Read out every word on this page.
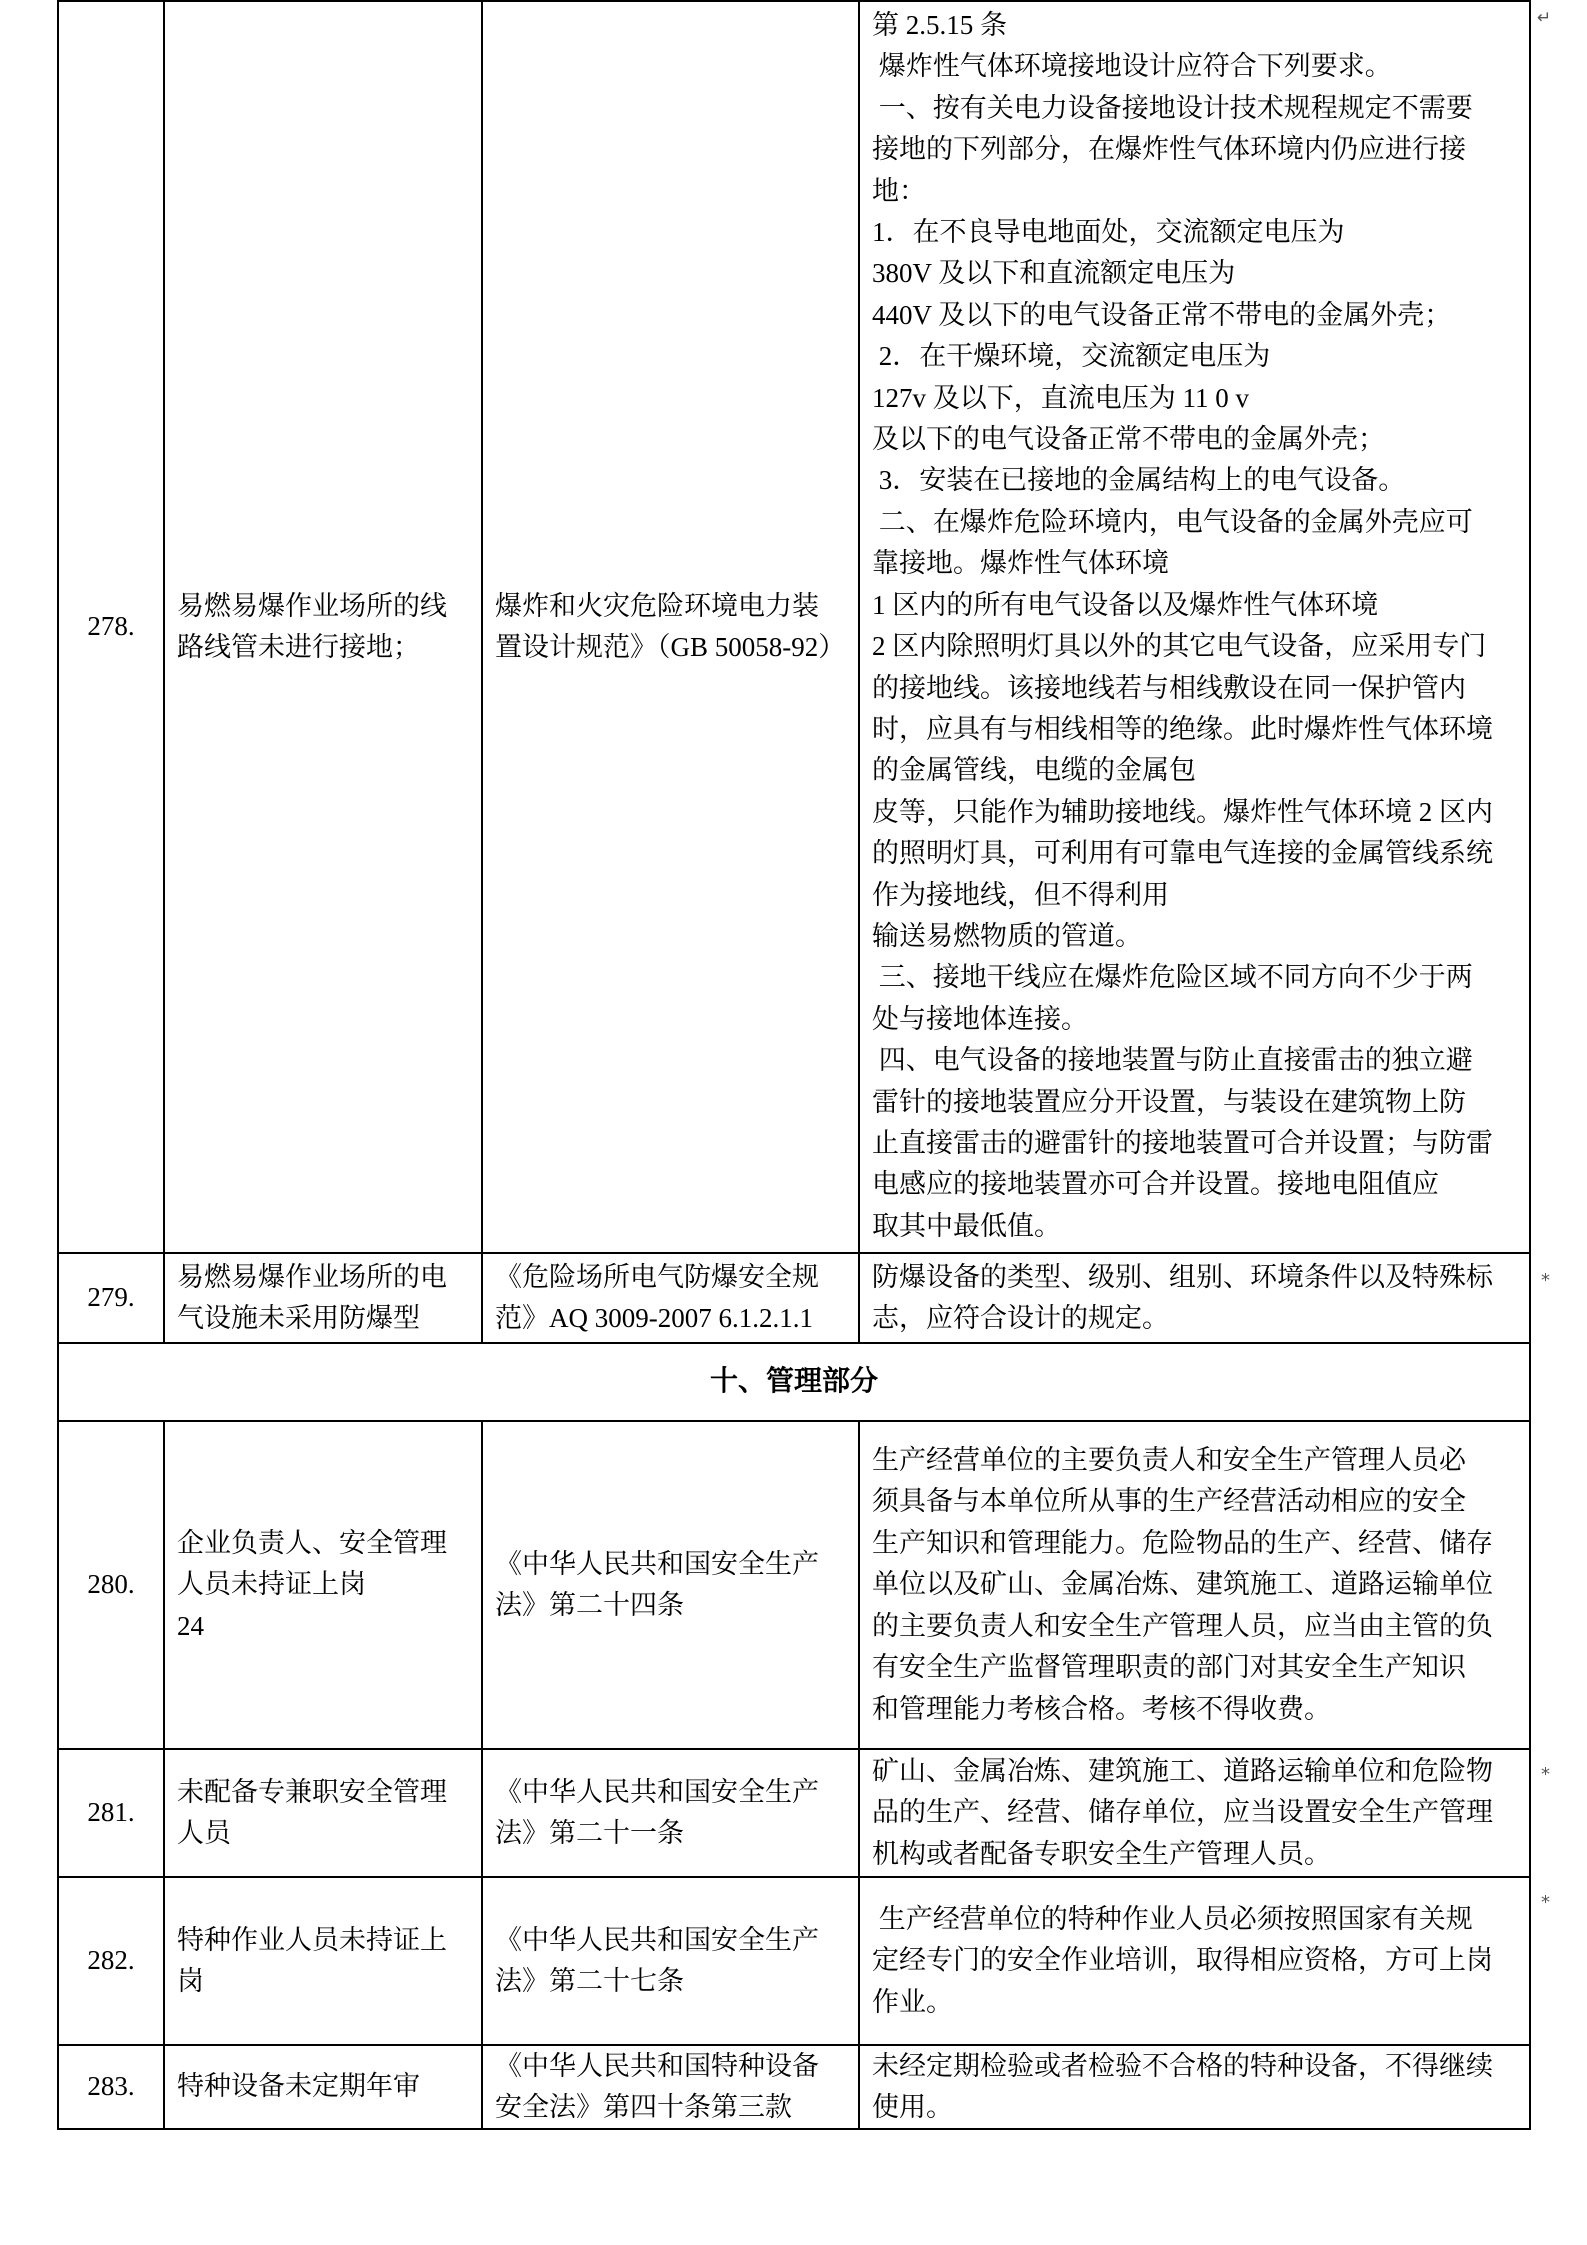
278.
易燃易爆作业场所的线
路线管未进行接地；
爆炸和火灾危险环境电力装
置设计规范》（GB 50058-92）
第 2.5.15 条
爆炸性气体环境接地设计应符合下列要求。
一、按有关电力设备接地设计技术规程规定不需要
接地的下列部分，在爆炸性气体环境内仍应进行接
地：
1．在不良导电地面处，交流额定电压为
380V 及以下和直流额定电压为
440V 及以下的电气设备正常不带电的金属外壳；
2．在干燥环境，交流额定电压为
127v 及以下，直流电压为 11 0 v
及以下的电气设备正常不带电的金属外壳；
3．安装在已接地的金属结构上的电气设备。
二、在爆炸危险环境内，电气设备的金属外壳应可
靠接地。爆炸性气体环境
1 区内的所有电气设备以及爆炸性气体环境
2 区内除照明灯具以外的其它电气设备，应采用专门
的接地线。该接地线若与相线敷设在同一保护管内
时，应具有与相线相等的绝缘。此时爆炸性气体环境
的金属管线，电缆的金属包
皮等，只能作为辅助接地线。爆炸性气体环境 2 区内
的照明灯具，可利用有可靠电气连接的金属管线系统
作为接地线，但不得利用
输送易燃物质的管道。
三、接地干线应在爆炸危险区域不同方向不少于两
处与接地体连接。
四、电气设备的接地装置与防止直接雷击的独立避
雷针的接地装置应分开设置，与装设在建筑物上防
止直接雷击的避雷针的接地装置可合并设置；与防雷
电感应的接地装置亦可合并设置。接地电阻值应
取其中最低值。
279.
易燃易爆作业场所的电
气设施未采用防爆型
《危险场所电气防爆安全规
范》AQ 3009-2007 6.1.2.1.1
防爆设备的类型、级别、组别、环境条件以及特殊标
志，应符合设计的规定。
十、管理部分
280.
企业负责人、安全管理
人员未持证上岗
24
《中华人民共和国安全生产
法》第二十四条
生产经营单位的主要负责人和安全生产管理人员必
须具备与本单位所从事的生产经营活动相应的安全
生产知识和管理能力。危险物品的生产、经营、储存
单位以及矿山、金属冶炼、建筑施工、道路运输单位
的主要负责人和安全生产管理人员，应当由主管的负
有安全生产监督管理职责的部门对其安全生产知识
和管理能力考核合格。考核不得收费。
281.
未配备专兼职安全管理
人员
《中华人民共和国安全生产
法》第二十一条
矿山、金属冶炼、建筑施工、道路运输单位和危险物
品的生产、经营、储存单位，应当设置安全生产管理
机构或者配备专职安全生产管理人员。
282.
特种作业人员未持证上
岗
《中华人民共和国安全生产
法》第二十七条
生产经营单位的特种作业人员必须按照国家有关规
定经专门的安全作业培训，取得相应资格，方可上岗
作业。
283. 特种设备未定期年审
《中华人民共和国特种设备
安全法》第四十条第三款
未经定期检验或者检验不合格的特种设备，不得继续
使用。
↵
*
*
*
